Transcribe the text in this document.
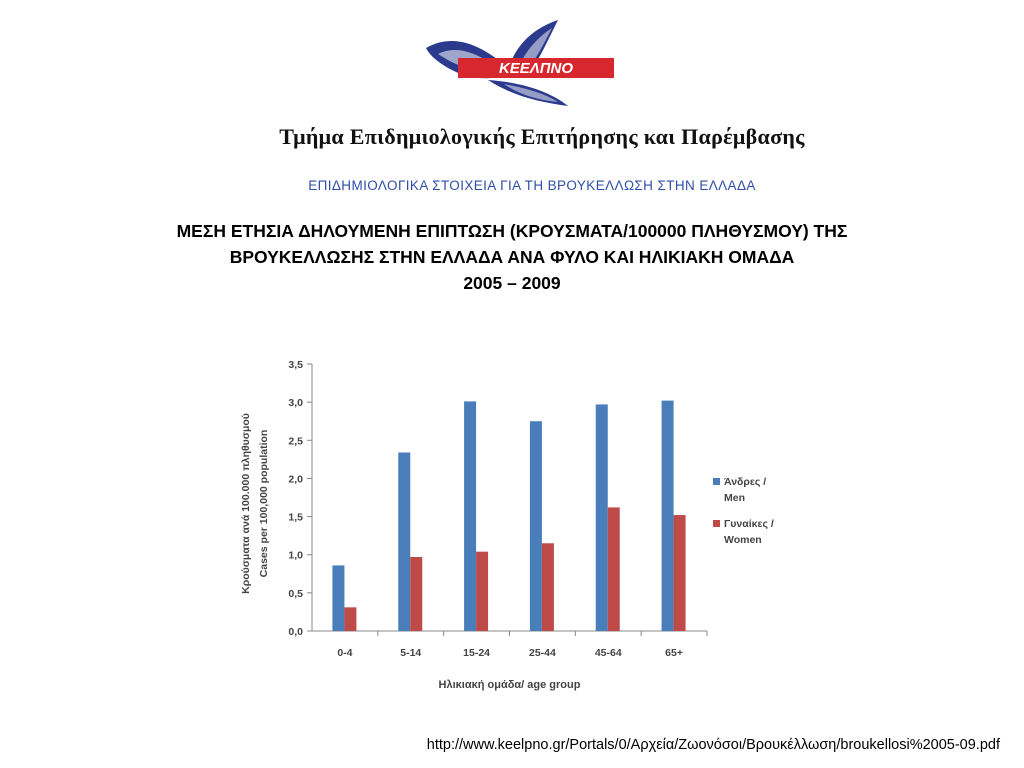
ΚΕΕΛΠΝΟ
Τμήμα Επιδημιολογικής Επιτήρησης και Παρέμβασης
ΕΠΙΔΗΜΙΟΛΟΓΙΚΑ ΣΤΟΙΧΕΙΑ ΓΙΑ ΤΗ ΒΡΟΥΚΕΛΛΩΣΗ ΣΤΗΝ ΕΛΛΑΔΑ
ΜΕΣΗ ΕΤΗΣΙΑ ΔΗΛΟΥΜΕΝΗ ΕΠΙΠΤΩΣΗ (ΚΡΟΥΣΜΑΤΑ/100000 ΠΛΗΘΥΣΜΟΥ) ΤΗΣ
ΒΡΟΥΚΕΛΛΩΣΗΣ ΣΤΗΝ ΕΛΛΑΔΑ ΑΝΑ ΦΥΛΟ ΚΑΙ ΗΛΙΚΙΑΚΗ ΟΜΑΔΑ
2005 – 2009
0,0
0,5
1,0
1,5
2,0
2,5
3,0
3,5
0-4	5-14	15-24	25-44	45-64	65+
Ηλικιακή ομάδα/ age group
Κρούσματα ανά 100.000 πληθυσμού Cases per 100,000 population	Άνδρες /
Men
Γυναίκες /
Women
http://www.keelpno.gr/Portals/0/Αρχεία/Ζωονόσοι/Βρουκέλλωση/broukellosi%2005-09.pdf
